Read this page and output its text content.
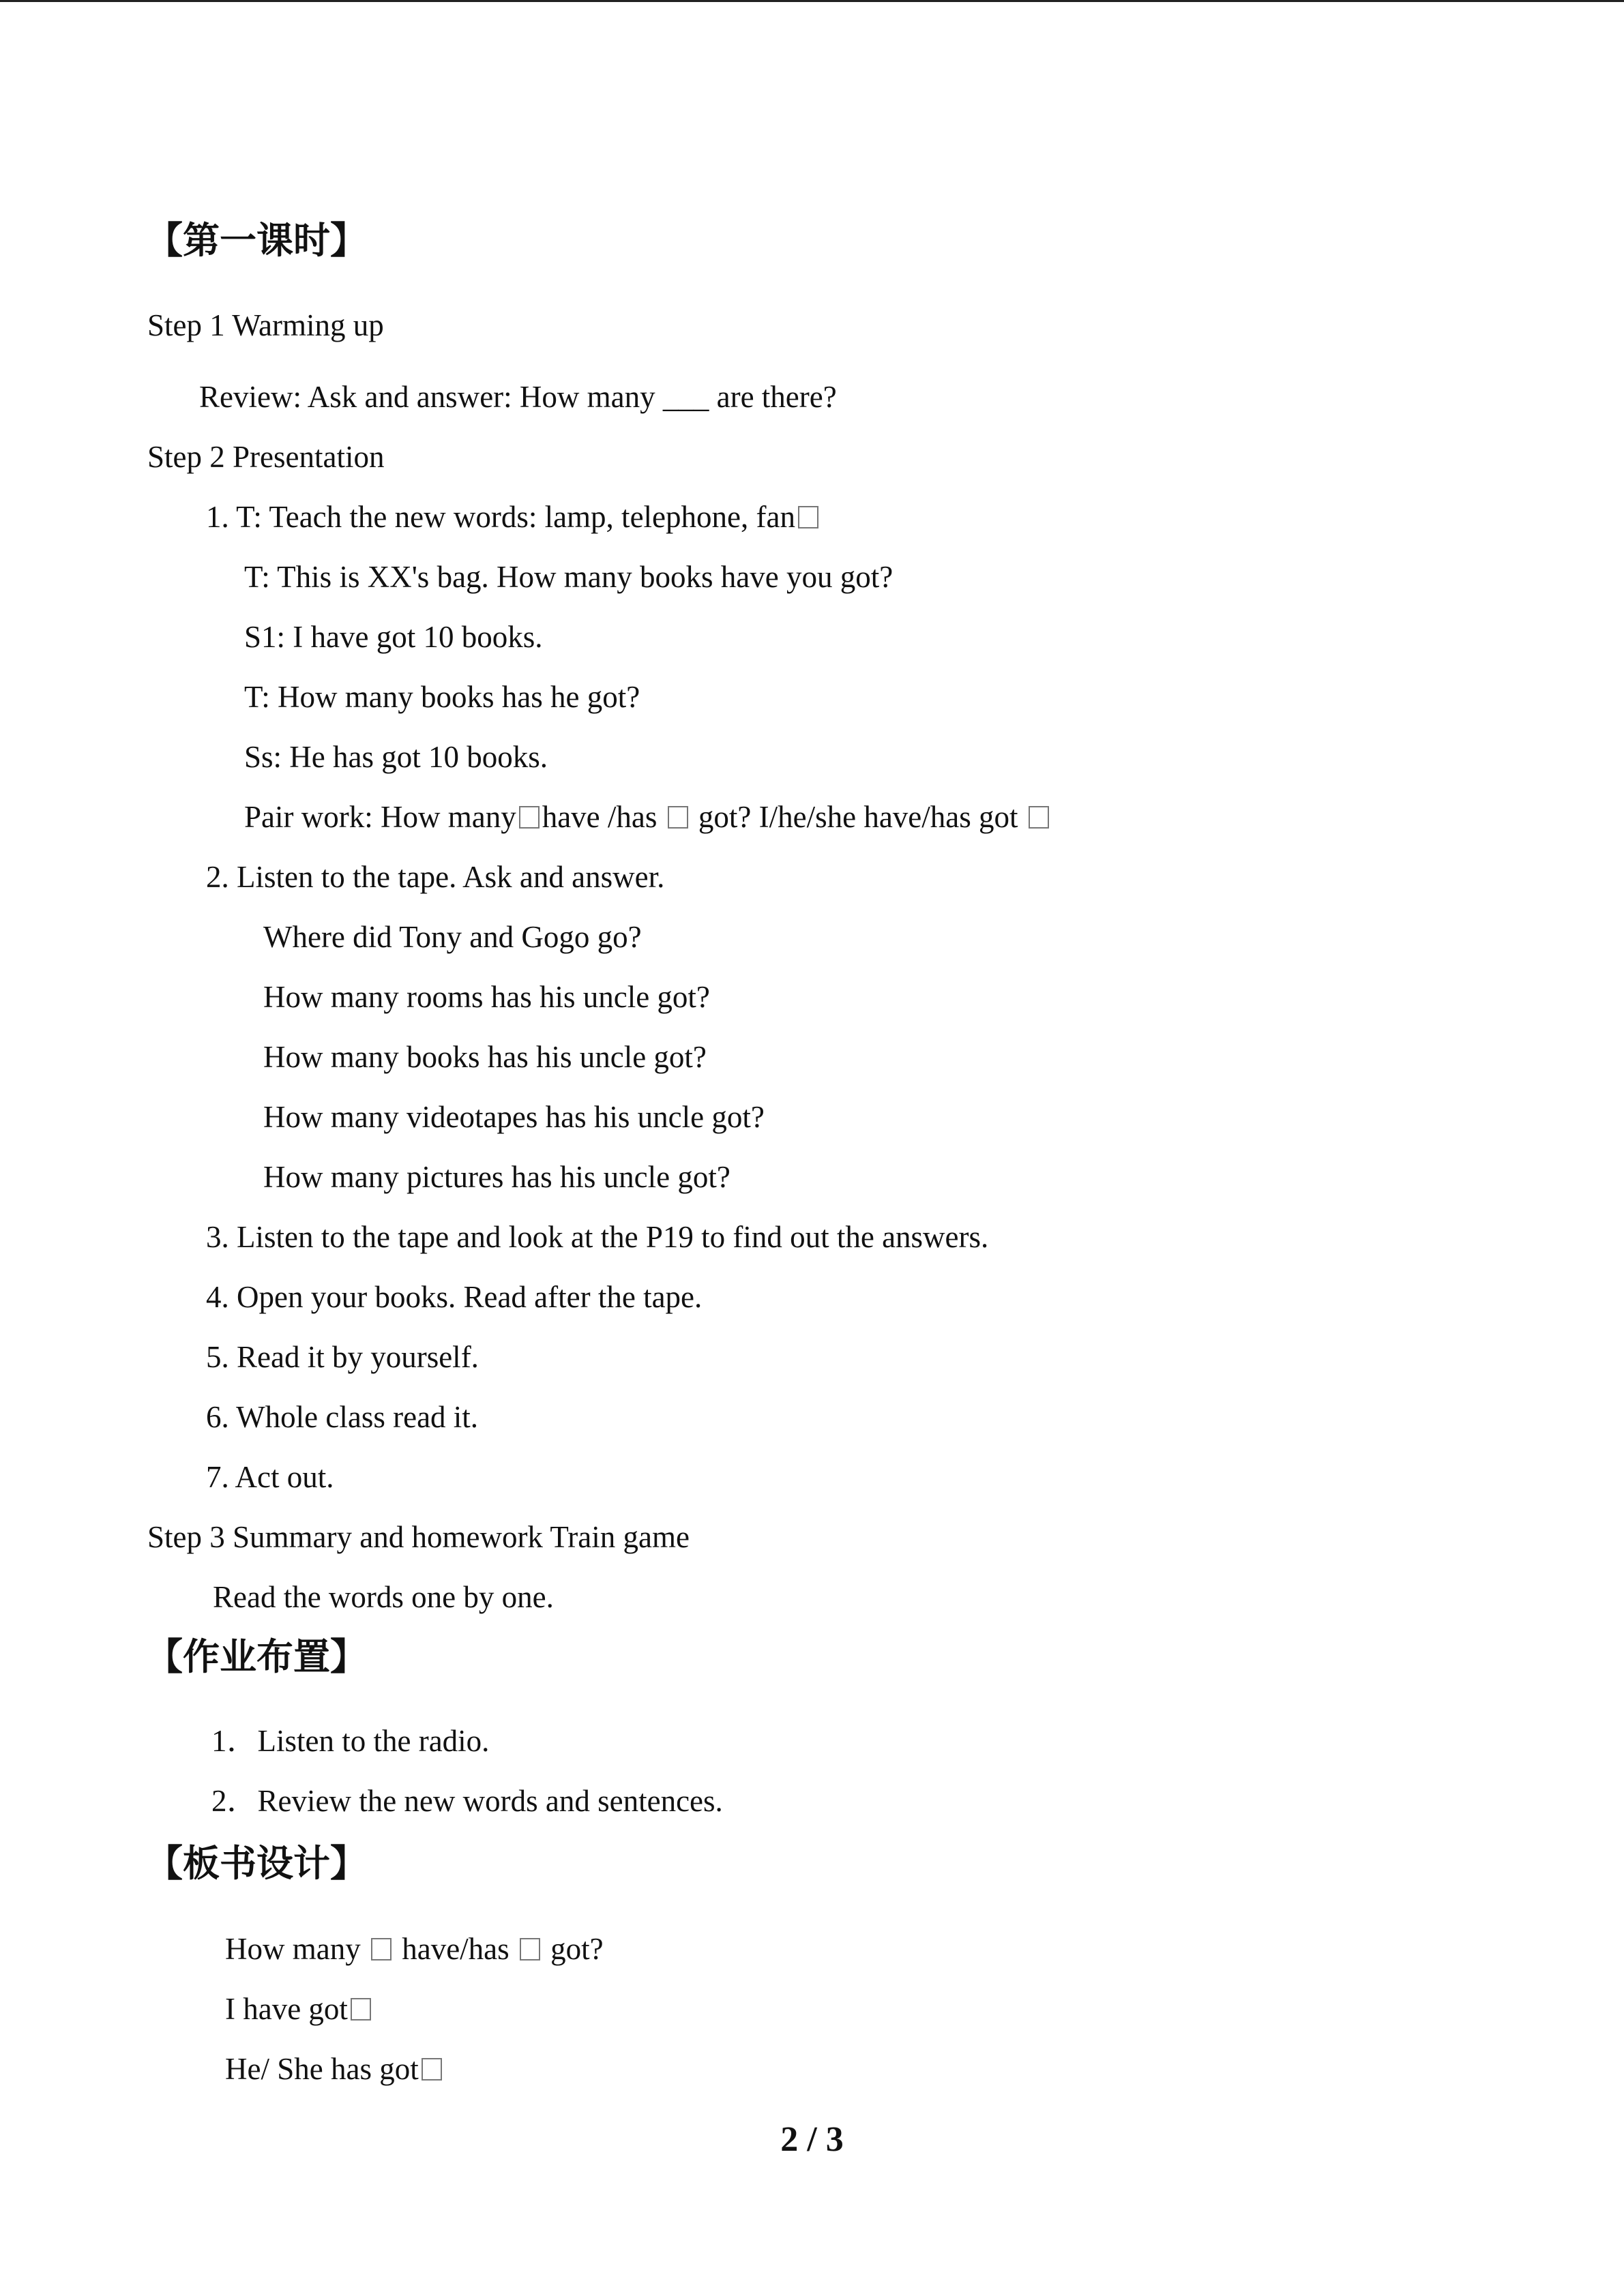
【第一课时】
Step 1 Warming up
Review: Ask and answer: How many ___ are there?
Step 2 Presentation
1. T: Teach the new words: lamp, telephone, fan
T: This is XX's bag. How many books have you got?
S1: I have got 10 books.
T: How many books has he got?
Ss: He has got 10 books.
Pair work: How many have /has got? I/he/she have/has got
2. Listen to the tape. Ask and answer.
Where did Tony and Gogo go?
How many rooms has his uncle got?
How many books has his uncle got?
How many videotapes has his uncle got?
How many pictures has his uncle got?
3. Listen to the tape and look at the P19 to find out the answers.
4. Open your books. Read after the tape.
5. Read it by yourself.
6. Whole class read it.
7. Act out.
Step 3 Summary and homework Train game
Read the words one by one.
【作业布置】
1．Listen to the radio.
2．Review the new words and sentences.
【板书设计】
How many have/has got?
I have got
He/ She has got
2 / 3
